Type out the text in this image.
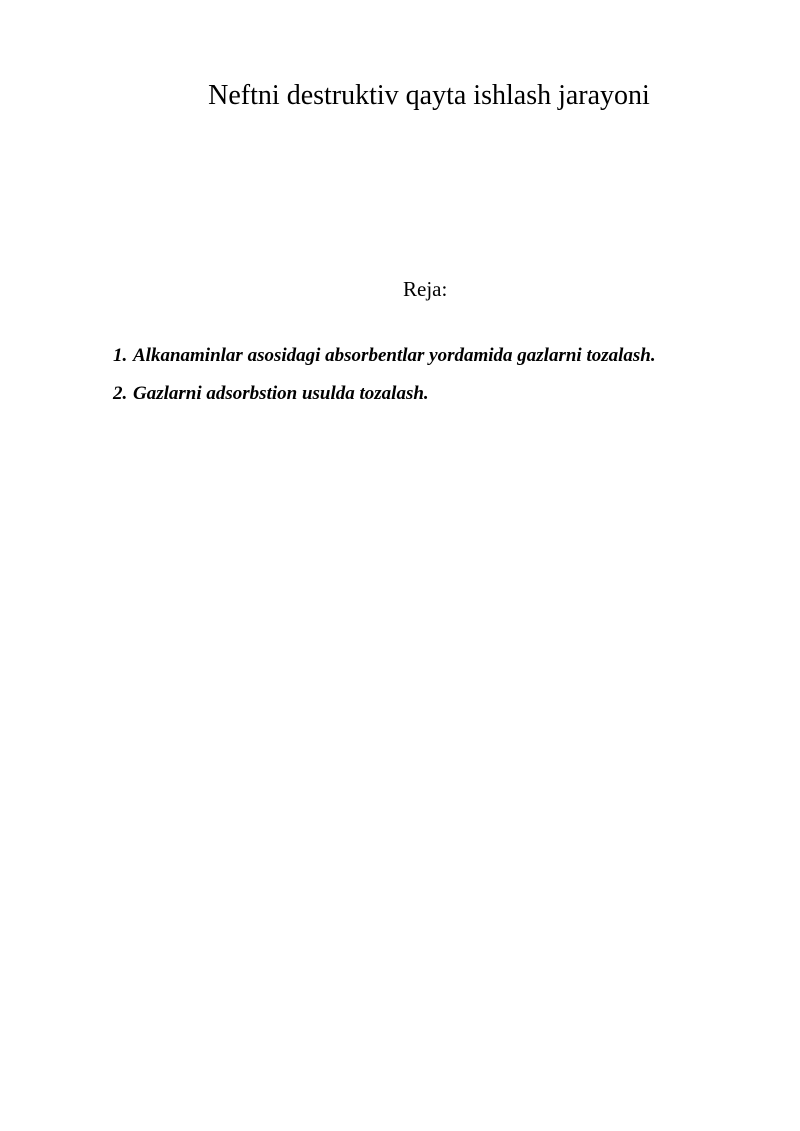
Neftni destruktiv qayta ishlash jarayoni
Reja:
1. Alkanaminlar asosidagi absorbentlar yordamida gazlarni tozalash.
2. Gazlarni adsorbstion usulda tozalash.
